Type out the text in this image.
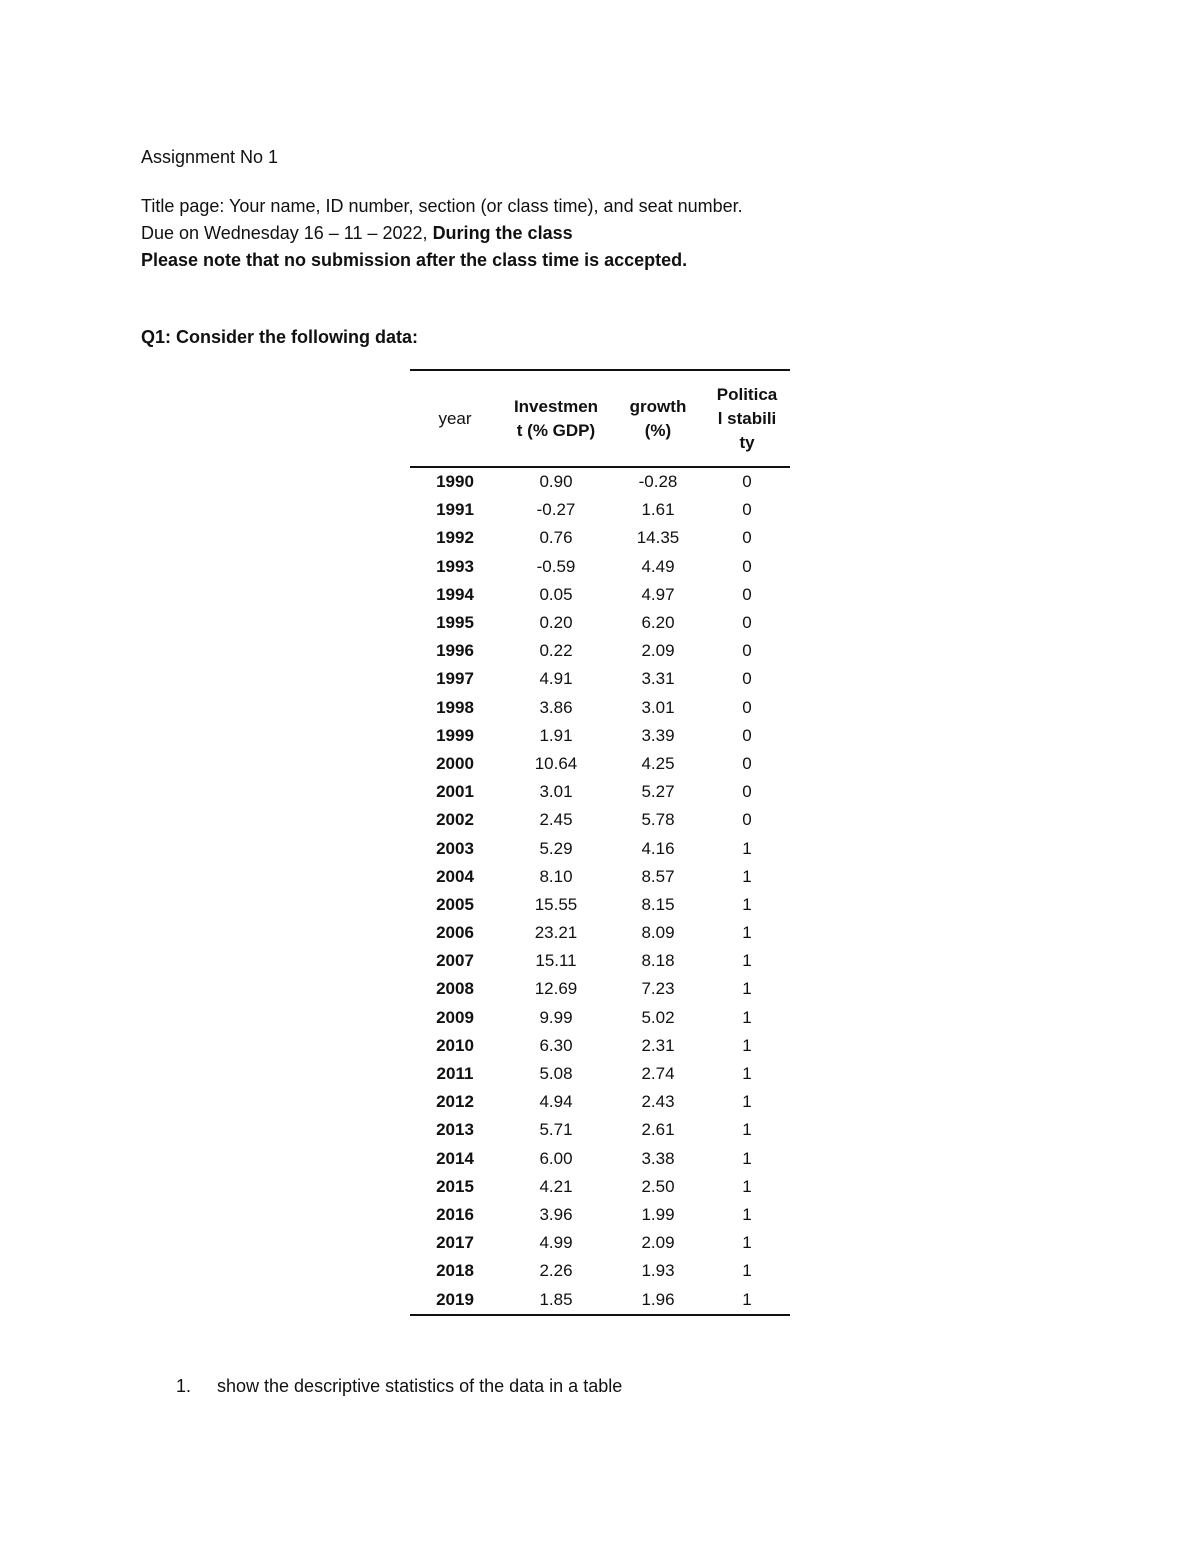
Assignment No 1
Title page: Your name, ID number, section (or class time), and seat number.
Due on Wednesday 16 – 11 – 2022, During the class
Please note that no submission after the class time is accepted.
Q1: Consider the following data:
year	Investment (% GDP)	growth (%)	Political stability
1990	0.90	-0.28	0
1991	-0.27	1.61	0
1992	0.76	14.35	0
1993	-0.59	4.49	0
1994	0.05	4.97	0
1995	0.20	6.20	0
1996	0.22	2.09	0
1997	4.91	3.31	0
1998	3.86	3.01	0
1999	1.91	3.39	0
2000	10.64	4.25	0
2001	3.01	5.27	0
2002	2.45	5.78	0
2003	5.29	4.16	1
2004	8.10	8.57	1
2005	15.55	8.15	1
2006	23.21	8.09	1
2007	15.11	8.18	1
2008	12.69	7.23	1
2009	9.99	5.02	1
2010	6.30	2.31	1
2011	5.08	2.74	1
2012	4.94	2.43	1
2013	5.71	2.61	1
2014	6.00	3.38	1
2015	4.21	2.50	1
2016	3.96	1.99	1
2017	4.99	2.09	1
2018	2.26	1.93	1
2019	1.85	1.96	1
1. show the descriptive statistics of the data in a table
